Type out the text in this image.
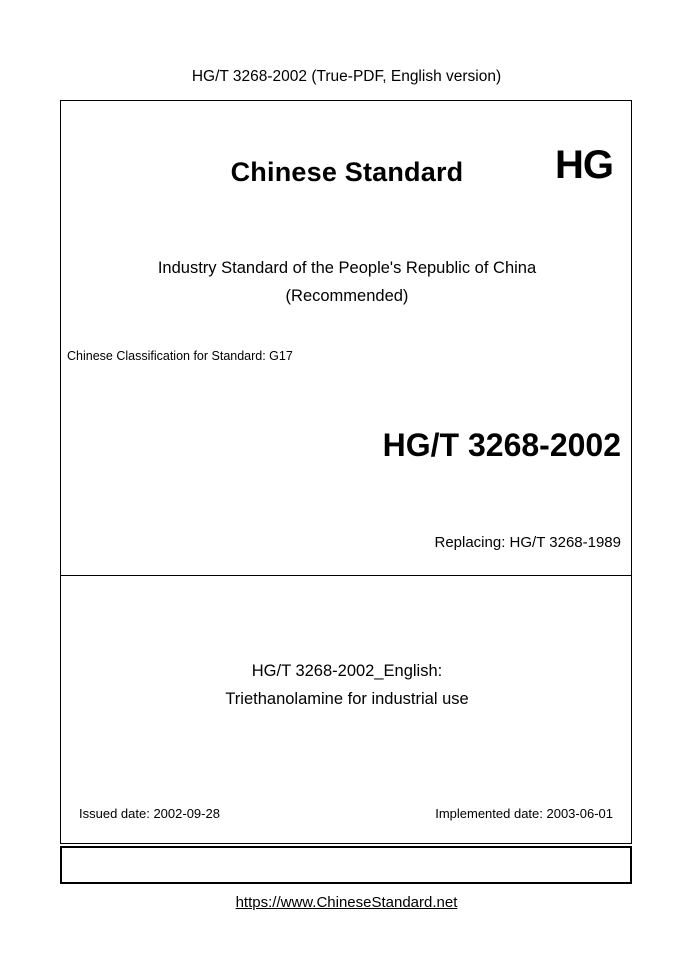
HG/T 3268-2002 (True-PDF, English version)
Chinese Standard	HG
Industry Standard of the People's Republic of China
(Recommended)
Chinese Classification for Standard: G17
HG/T 3268-2002
Replacing: HG/T 3268-1989
HG/T 3268-2002_English:
Triethanolamine for industrial use
Issued date: 2002-09-28	Implemented date: 2003-06-01
https://www.ChineseStandard.net
